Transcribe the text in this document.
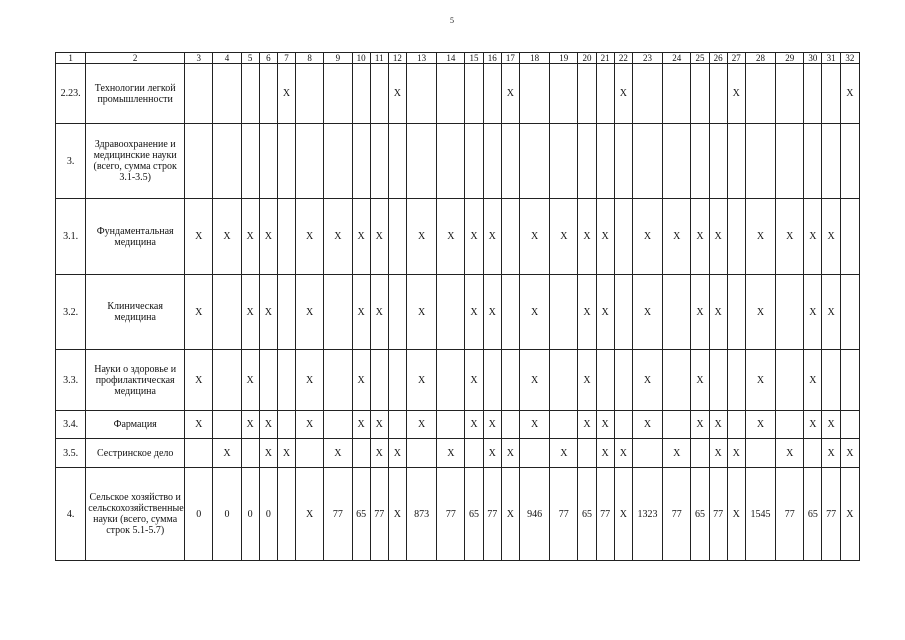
5
1	2	3	4	5	6	7	8	9	10	11	12	13	14	15	16	17	18	19	20	21	22	23	24	25	26	27	28	29	30	31	32
2.23.	Технологии легкой промышленности					X					X					X					X					X					X
3.	Здравоохранение и медицинские науки (всего, сумма строк 3.1-3.5)																														
3.1.	Фундаментальная медицина	X	X	X	X		X	X	X	X		X	X	X	X		X	X	X	X		X	X	X	X		X	X	X	X	
3.2.	Клиническая медицина	X		X	X		X		X	X		X		X	X		X		X	X		X		X	X		X		X	X	
3.3.	Науки о здоровье и профилактическая медицина	X		X			X		X			X		X			X		X			X		X			X		X		
3.4.	Фармация	X		X	X		X		X	X		X		X	X		X		X	X		X		X	X		X		X	X	
3.5.	Сестринское дело		X		X	X		X		X	X		X		X	X		X		X	X		X		X	X		X		X	X
4.	Сельское хозяйство и сельскохозяйственные науки (всего, сумма строк 5.1-5.7)	0	0	0	0		X	77	65	77	X	873	77	65	77	X	946	77	65	77	X	1323	77	65	77	X	1545	77	65	77	X
